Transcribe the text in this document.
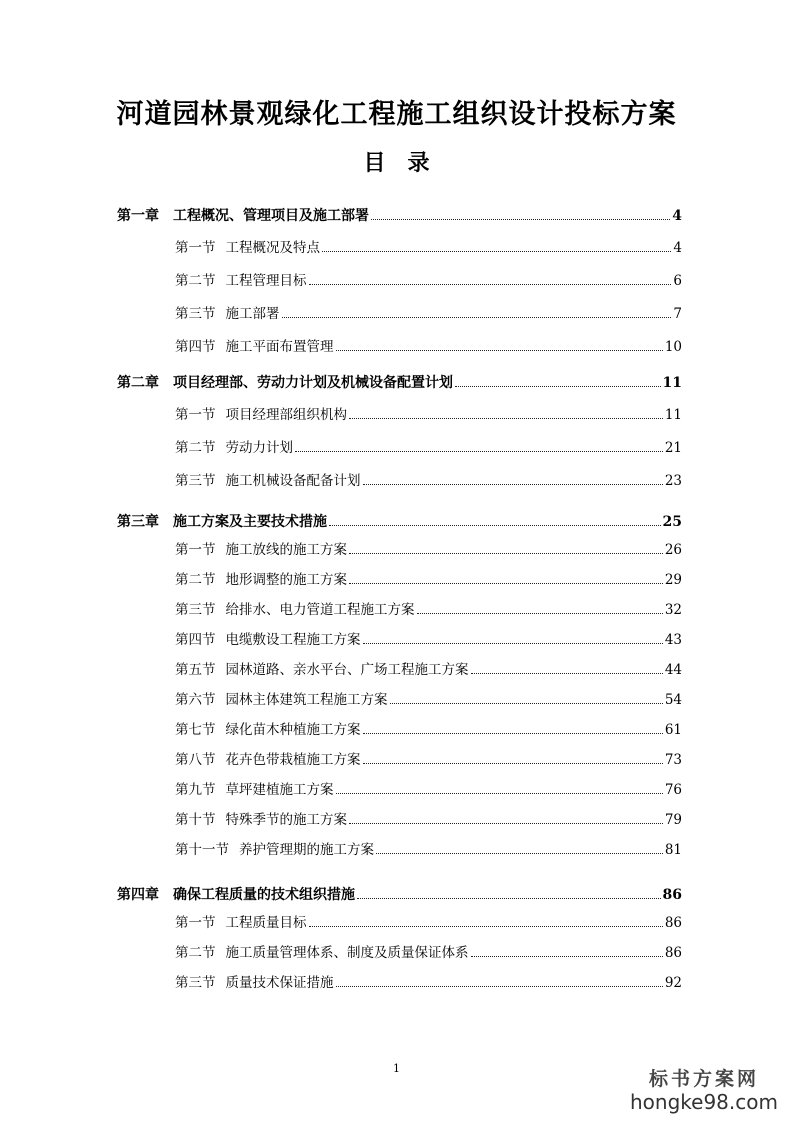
河道园林景观绿化工程施工组织设计投标方案
目　录
第一章 工程概况、管理项目及施工部署	4
第一节 工程概况及特点	4
第二节 工程管理目标	6
第三节 施工部署	7
第四节 施工平面布置管理	10
第二章 项目经理部、劳动力计划及机械设备配置计划	11
第一节 项目经理部组织机构	11
第二节 劳动力计划	21
第三节 施工机械设备配备计划	23
第三章 施工方案及主要技术措施	25
第一节 施工放线的施工方案	26
第二节 地形调整的施工方案	29
第三节 给排水、电力管道工程施工方案	32
第四节 电缆敷设工程施工方案	43
第五节 园林道路、亲水平台、广场工程施工方案	44
第六节 园林主体建筑工程施工方案	54
第七节 绿化苗木种植施工方案	61
第八节 花卉色带栽植施工方案	73
第九节 草坪建植施工方案	76
第十节 特殊季节的施工方案	79
第十一节 养护管理期的施工方案	81
第四章 确保工程质量的技术组织措施	86
第一节 工程质量目标	86
第二节 施工质量管理体系、制度及质量保证体系	86
第三节 质量技术保证措施	92
1	标书方案网
hongke98.com
